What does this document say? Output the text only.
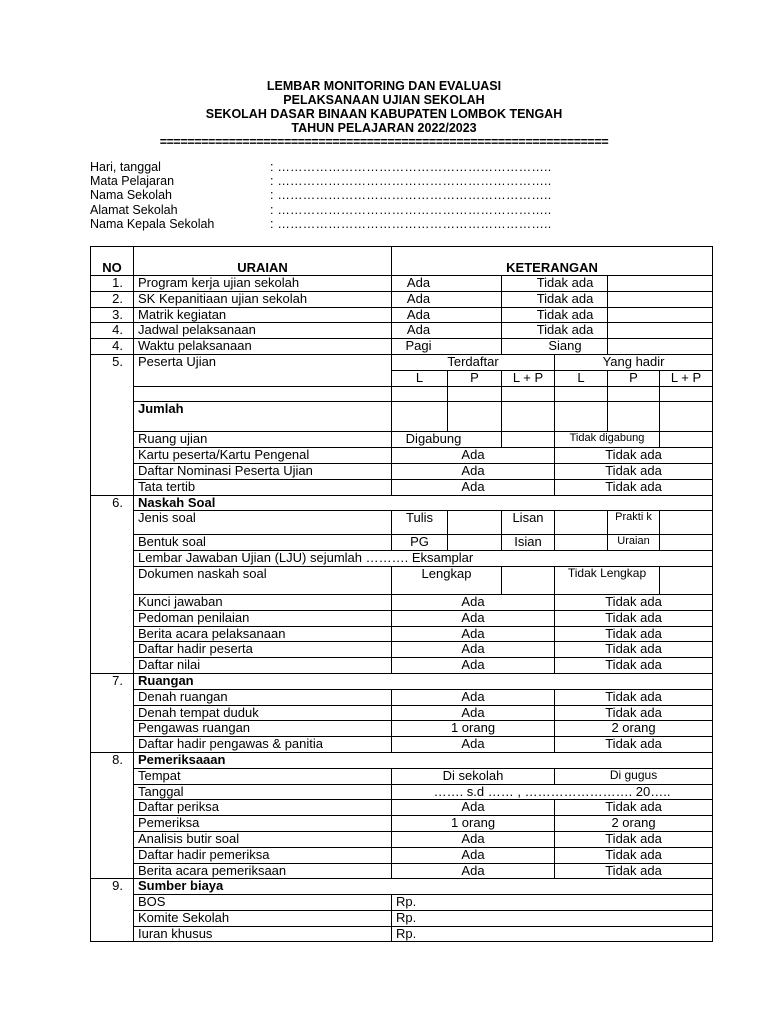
LEMBAR MONITORING DAN EVALUASI
PELAKSANAAN UJIAN SEKOLAH
SEKOLAH DASAR BINAAN KABUPATEN LOMBOK TENGAH
TAHUN PELAJARAN 2022/2023
=================================================================
Hari, tanggal	: ………………………………………………………..
Mata Pelajaran	: ………………………………………………………..
Nama Sekolah	: ………………………………………………………..
Alamat Sekolah	: ………………………………………………………..
Nama Kepala Sekolah	: ………………………………………………………..
NO	URAIAN	KETERANGAN					
1.	Program kerja ujian sekolah	Ada		Tidak ada			
2.	SK Kepanitiaan ujian sekolah	Ada		Tidak ada			
3.	Matrik kegiatan	Ada		Tidak ada			
4.	Jadwal pelaksanaan	Ada		Tidak ada			
4.	Waktu pelaksanaan	Pagi		Siang			
5.	Peserta Ujian	Terdaftar			Yang hadir		
		L	P	L + P	L	P	L + P

	Jumlah						
	Ruang ujian	Digabung			Tidak digabung		
	Kartu peserta/Kartu Pengenal	Ada			Tidak ada		
	Daftar Nominasi Peserta Ujian	Ada			Tidak ada		
	Tata tertib	Ada			Tidak ada		
6.	Naskah Soal						
	Jenis soal	Tulis		Lisan		Prakti k	
	Bentuk soal	PG		Isian		Uraian	
	Lembar Jawaban Ujian (LJU) sejumlah ………. Eksamplar						
	Dokumen naskah soal	Lengkap			Tidak Lengkap		
	Kunci jawaban	Ada			Tidak ada		
	Pedoman penilaian	Ada			Tidak ada		
	Berita acara pelaksanaan	Ada			Tidak ada		
	Daftar hadir peserta	Ada			Tidak ada		
	Daftar nilai	Ada			Tidak ada		
7.	Ruangan						
	Denah ruangan	Ada			Tidak ada		
	Denah tempat duduk	Ada			Tidak ada		
	Pengawas ruangan	1 orang			2 orang		
	Daftar hadir pengawas & panitia	Ada			Tidak ada		
8.	Pemeriksaaan						
	Tempat	Di sekolah			Di gugus		
	Tanggal	……. s.d …… , ……………………. 20…..					
	Daftar periksa	Ada			Tidak ada		
	Pemeriksa	1 orang			2 orang		
	Analisis butir soal	Ada			Tidak ada		
	Daftar hadir pemeriksa	Ada			Tidak ada		
	Berita acara pemeriksaan	Ada			Tidak ada		
9.	Sumber biaya						
	BOS	Rp.					
	Komite Sekolah	Rp.					
	Iuran khusus	Rp.					
